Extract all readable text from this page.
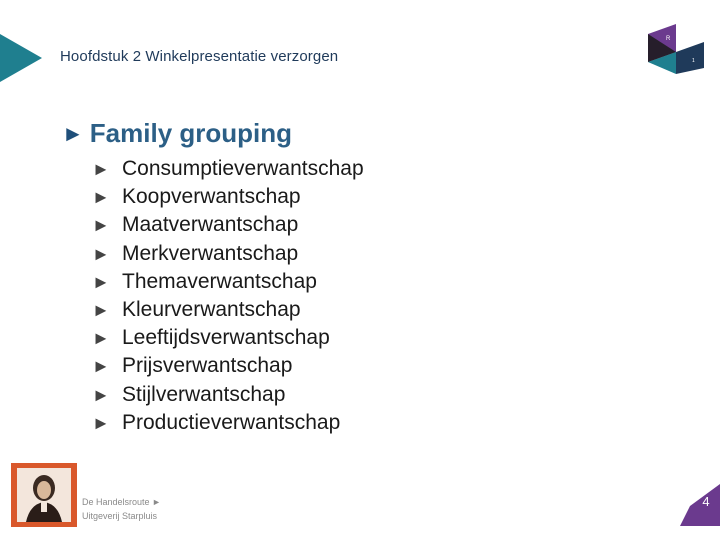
Hoofdstuk 2 Winkelpresentatie verzorgen
R
1
► Family grouping
► Consumptieverwantschap
► Koopverwantschap
► Maatverwantschap
► Merkverwantschap
► Themaverwantschap
► Kleurverwantschap
► Leeftijdsverwantschap
► Prijsverwantschap
► Stijlverwantschap
► Productieverwantschap
De Handelsroute ►
Uitgeverij Starpluis
4
